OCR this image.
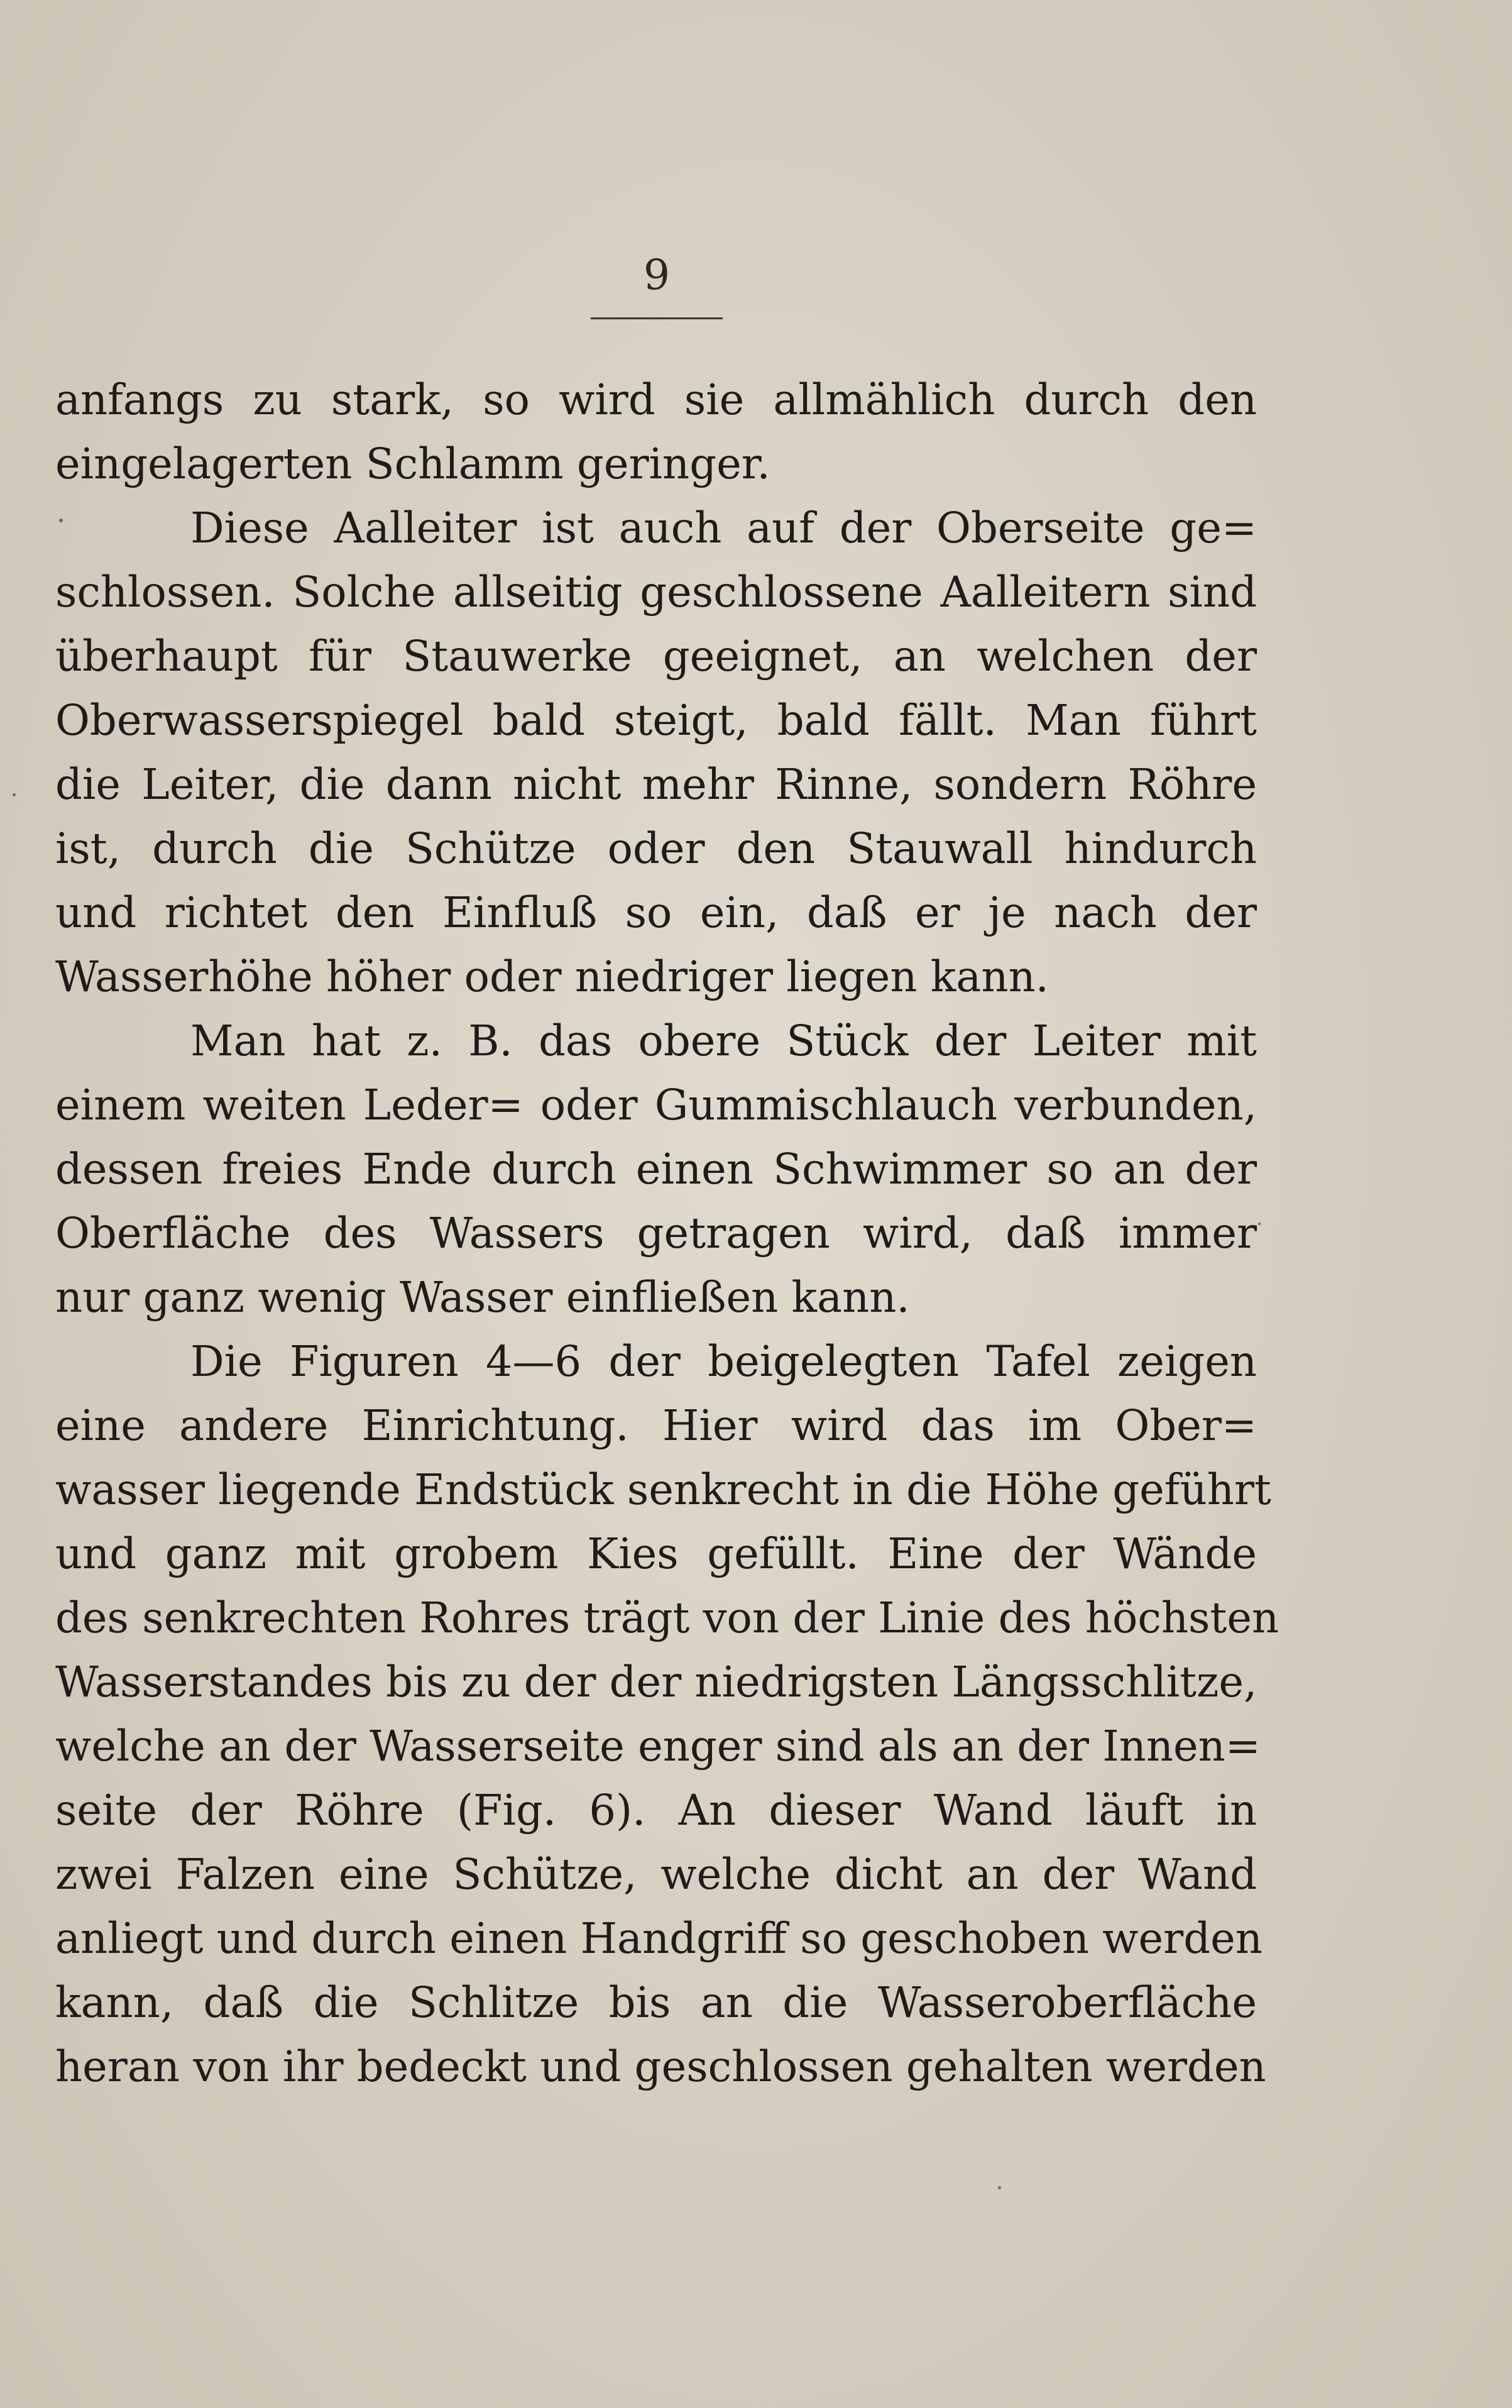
9
anfangs zu stark, so wird sie allmählich durch den
eingelagerten Schlamm geringer.
Diese Aalleiter ist auch auf der Oberseite ge=
schlossen. Solche allseitig geschlossene Aalleitern sind
überhaupt für Stauwerke geeignet, an welchen der
Oberwasserspiegel bald steigt, bald fällt. Man führt
die Leiter, die dann nicht mehr Rinne, sondern Röhre
ist, durch die Schütze oder den Stauwall hindurch
und richtet den Einfluß so ein, daß er je nach der
Wasserhöhe höher oder niedriger liegen kann.
Man hat z. B. das obere Stück der Leiter mit
einem weiten Leder= oder Gummischlauch verbunden,
dessen freies Ende durch einen Schwimmer so an der
Oberfläche des Wassers getragen wird, daß immer
nur ganz wenig Wasser einfließen kann.
Die Figuren 4—6 der beigelegten Tafel zeigen
eine andere Einrichtung. Hier wird das im Ober=
wasser liegende Endstück senkrecht in die Höhe geführt
und ganz mit grobem Kies gefüllt. Eine der Wände
des senkrechten Rohres trägt von der Linie des höchsten
Wasserstandes bis zu der der niedrigsten Längsschlitze,
welche an der Wasserseite enger sind als an der Innen=
seite der Röhre (Fig. 6). An dieser Wand läuft in
zwei Falzen eine Schütze, welche dicht an der Wand
anliegt und durch einen Handgriff so geschoben werden
kann, daß die Schlitze bis an die Wasseroberfläche
heran von ihr bedeckt und geschlossen gehalten werden
